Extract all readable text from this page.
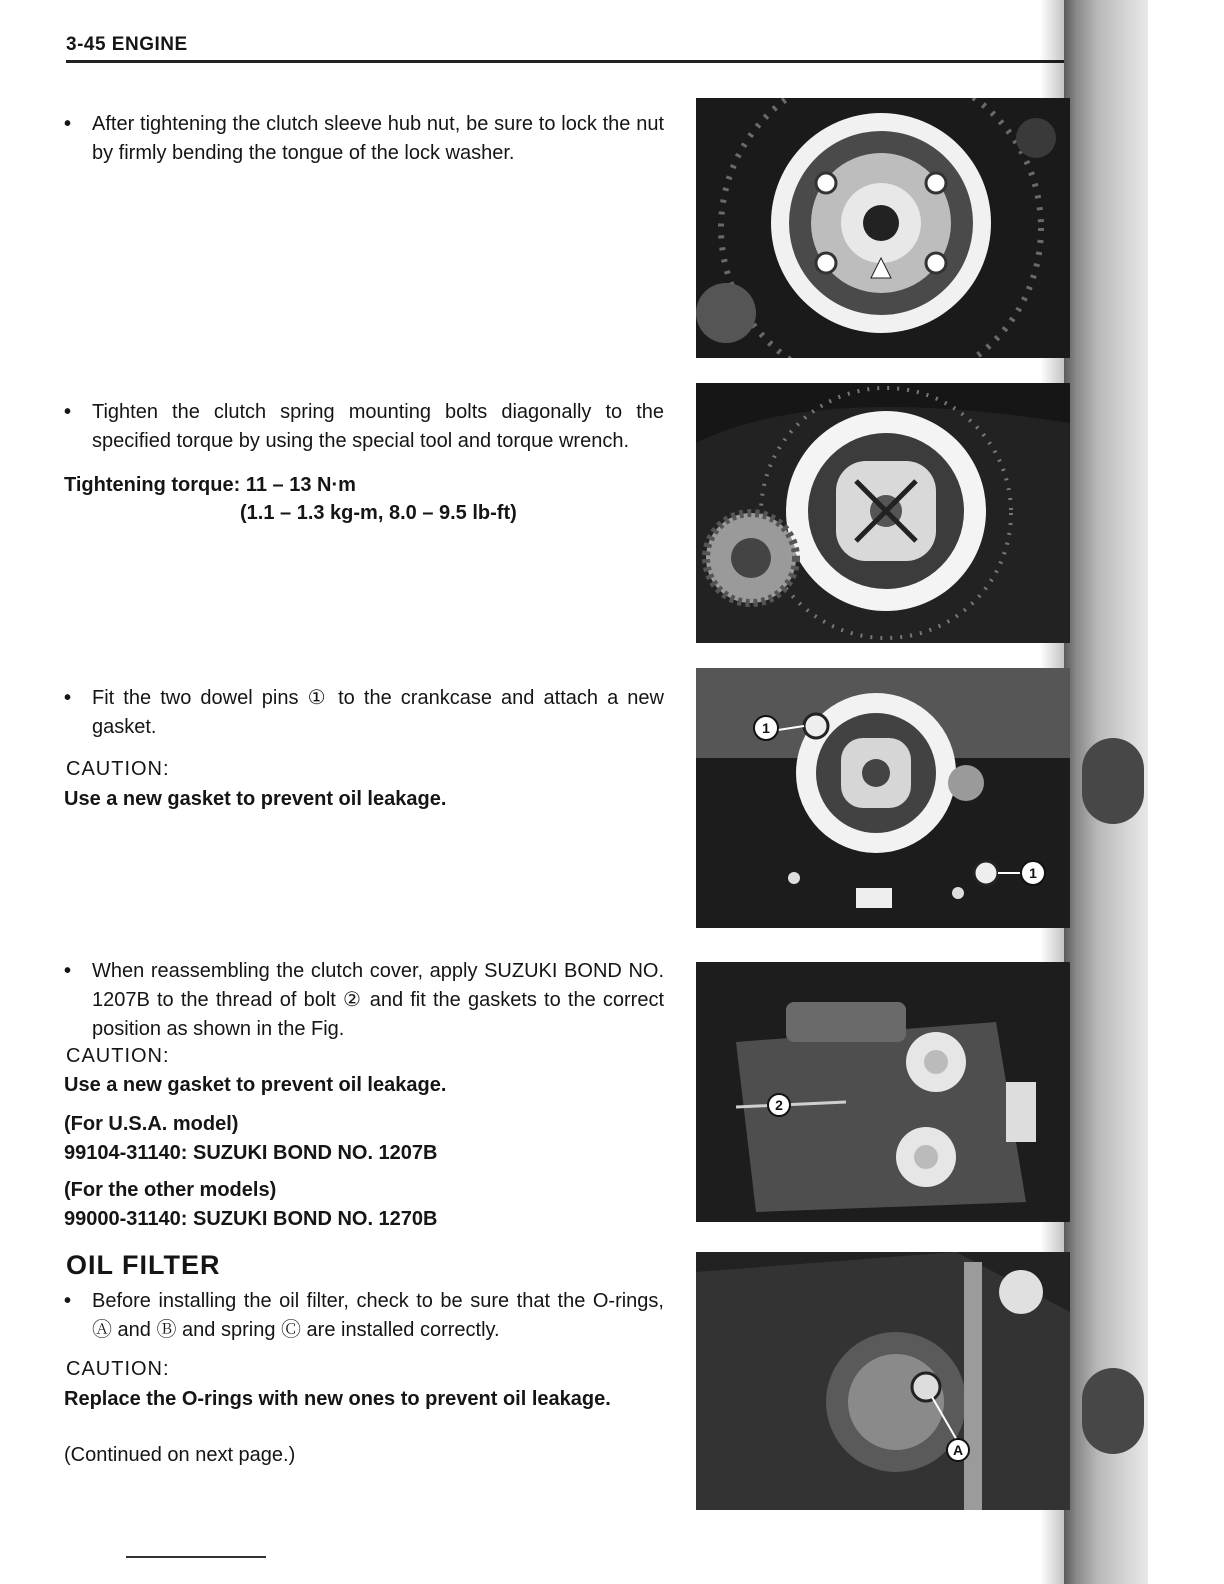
3-45 ENGINE
• After tightening the clutch sleeve hub nut, be sure to lock the nut by firmly bending the tongue of the lock washer.
• Tighten the clutch spring mounting bolts diagonally to the specified torque by using the special tool and torque wrench.
Tightening torque: 11 – 13 N·m
(1.1 – 1.3 kg-m, 8.0 – 9.5 lb-ft)
• Fit the two dowel pins ① to the crankcase and attach a new gasket.
CAUTION:
Use a new gasket to prevent oil leakage.
• When reassembling the clutch cover, apply SUZUKI BOND NO. 1207B to the thread of bolt ② and fit the gaskets to the correct position as shown in the Fig.
CAUTION:
Use a new gasket to prevent oil leakage.
(For U.S.A. model)
99104-31140: SUZUKI BOND NO. 1207B
(For the other models)
99000-31140: SUZUKI BOND NO. 1270B
OIL FILTER
• Before installing the oil filter, check to be sure that the O-rings, Ⓐ and Ⓑ and spring Ⓒ are installed correctly.
CAUTION:
Replace the O-rings with new ones to prevent oil leakage.
(Continued on next page.)
1
1
2
A
